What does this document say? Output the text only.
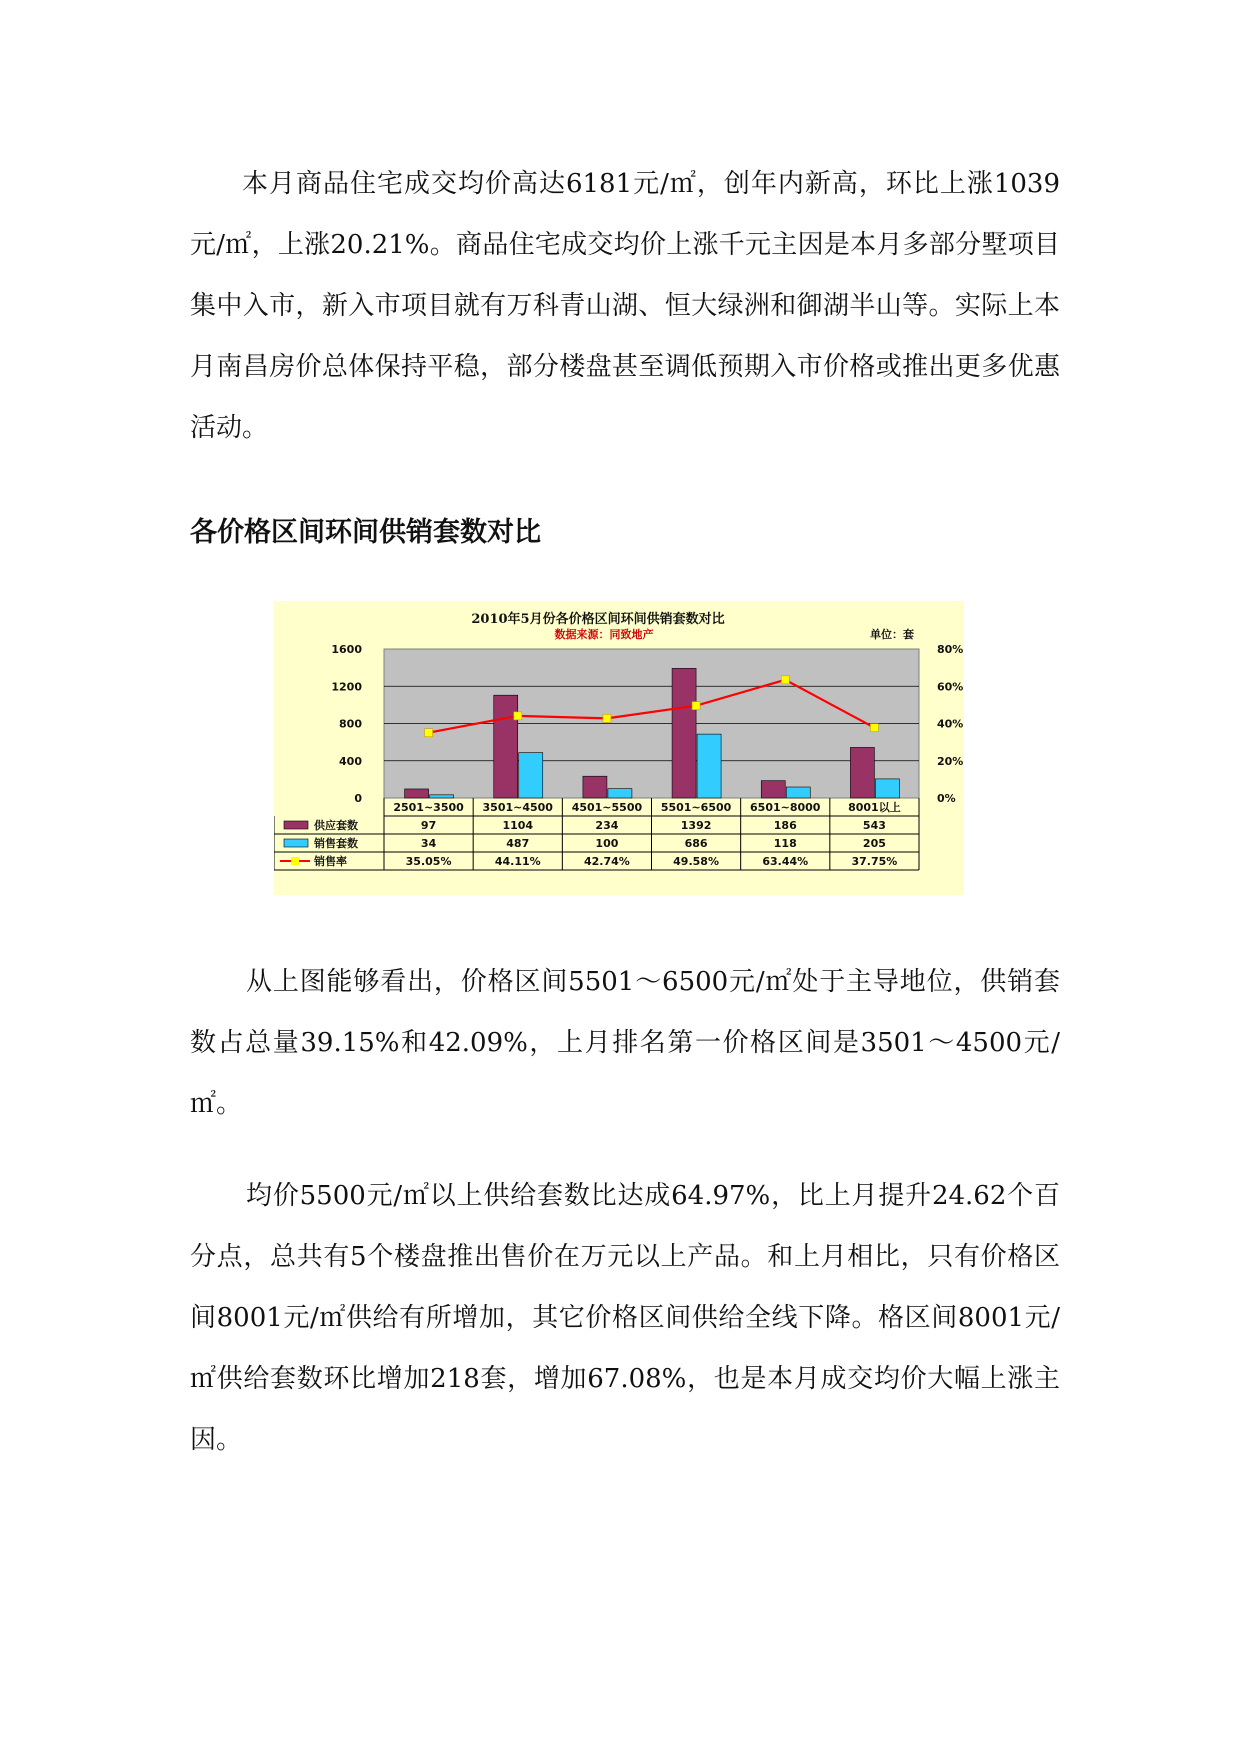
本月商品住宅成交均价高达6181元/㎡，创年内新高，环比上涨1039元/㎡，上涨20.21%。商品住宅成交均价上涨千元主因是本月多部分墅项目集中入市，新入市项目就有万科青山湖、恒大绿洲和御湖半山等。实际上本月南昌房价总体保持平稳，部分楼盘甚至调低预期入市价格或推出更多优惠活动。

各价格区间环间供销套数对比
2010年5月份各价格区间环间供销套数对比
数据来源：同致地产	单位：套
0
400
800
1200
1600
0%
20%
40%
60%
80%
2501~3500 3501~4500 4501~5500 5501~6500 6501~8000	8001以上
供应套数	97	1104	234	1392	186	543
销售套数	34	487	100	686	118	205
销售率	35.05%	44.11%	42.74%	49.58%	63.44%	37.75%

从上图能够看出，价格区间5501～6500元/㎡处于主导地位，供销套数占总量39.15%和42.09%，上月排名第一价格区间是3501～4500元/㎡。

均价5500元/㎡以上供给套数比达成64.97%，比上月提升24.62个百分点，总共有5个楼盘推出售价在万元以上产品。和上月相比，只有价格区间8001元/㎡供给有所增加，其它价格区间供给全线下降。格区间8001元/㎡供给套数环比增加218套，增加67.08%，也是本月成交均价大幅上涨主因。
